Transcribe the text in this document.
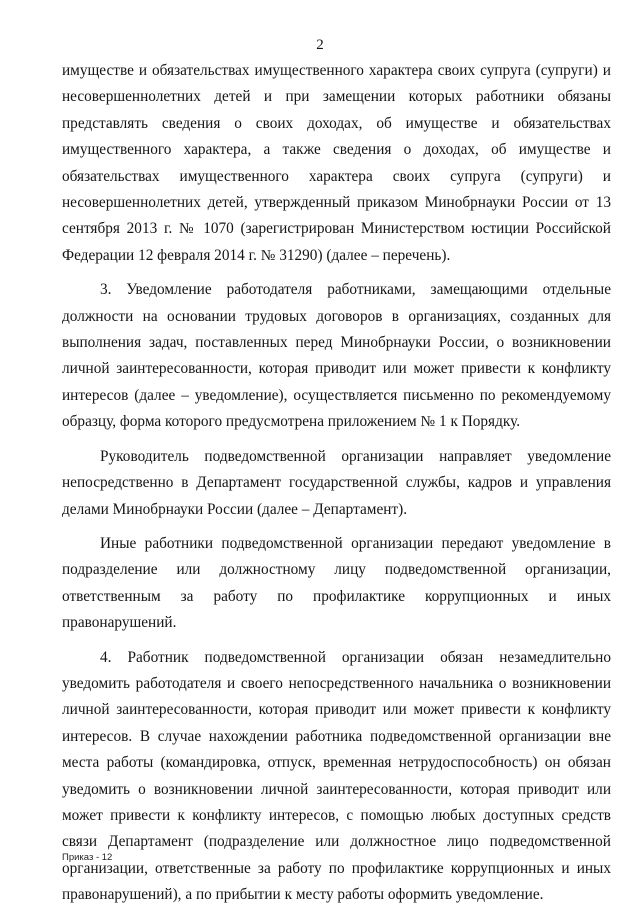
2

имуществе и обязательствах имущественного характера своих супруга (супруги) и несовершеннолетних детей и при замещении которых работники обязаны представлять сведения о своих доходах, об имуществе и обязательствах имущественного характера, а также сведения о доходах, об имуществе и обязательствах имущественного характера своих супруга (супруги) и несовершеннолетних детей, утвержденный приказом Минобрнауки России от 13 сентября 2013 г. № 1070 (зарегистрирован Министерством юстиции Российской Федерации 12 февраля 2014 г. № 31290) (далее – перечень).

3. Уведомление работодателя работниками, замещающими отдельные должности на основании трудовых договоров в организациях, созданных для выполнения задач, поставленных перед Минобрнауки России, о возникновении личной заинтересованности, которая приводит или может привести к конфликту интересов (далее – уведомление), осуществляется письменно по рекомендуемому образцу, форма которого предусмотрена приложением № 1 к Порядку.

Руководитель подведомственной организации направляет уведомление непосредственно в Департамент государственной службы, кадров и управления делами Минобрнауки России (далее – Департамент).

Иные работники подведомственной организации передают уведомление в подразделение или должностному лицу подведомственной организации, ответственным за работу по профилактике коррупционных и иных правонарушений.

4. Работник подведомственной организации обязан незамедлительно уведомить работодателя и своего непосредственного начальника о возникновении личной заинтересованности, которая приводит или может привести к конфликту интересов. В случае нахождении работника подведомственной организации вне места работы (командировка, отпуск, временная нетрудоспособность) он обязан уведомить о возникновении личной заинтересованности, которая приводит или может привести к конфликту интересов, с помощью любых доступных средств связи Департамент (подразделение или должностное лицо подведомственной организации, ответственные за работу по профилактике коррупционных и иных правонарушений), а по прибытии к месту работы оформить уведомление.

Приказ - 12
